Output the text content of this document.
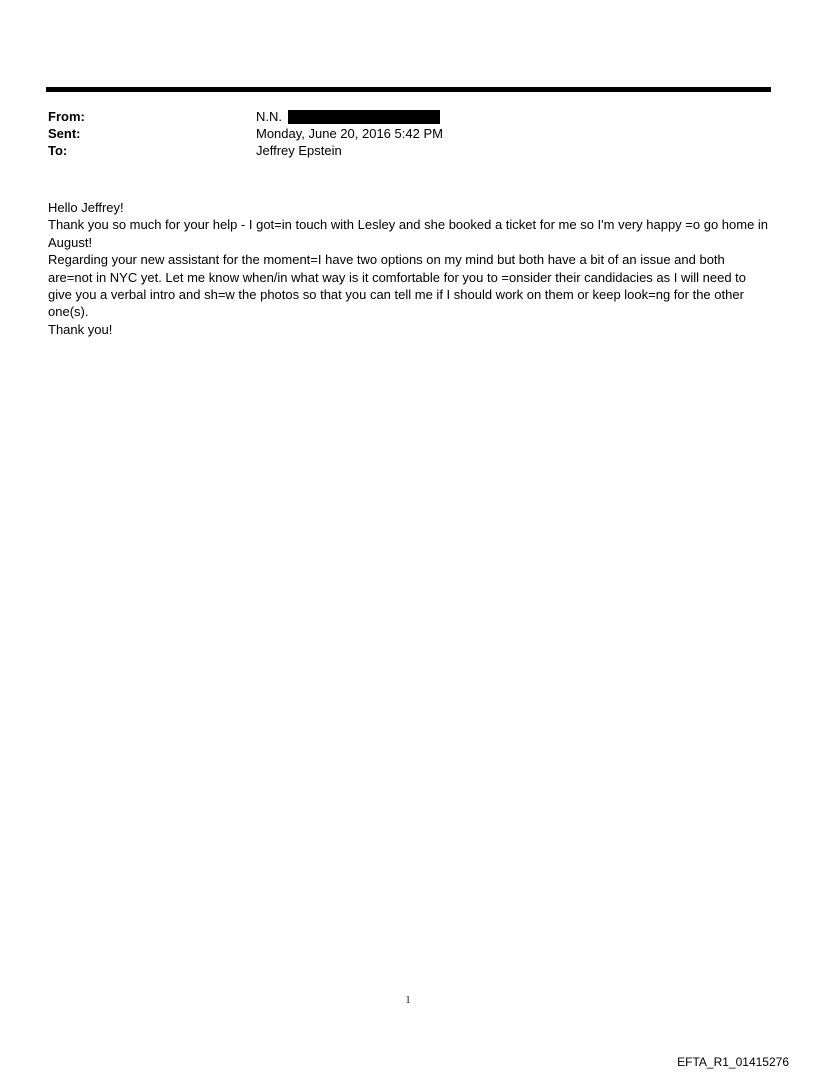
From:	N.N.
Sent:	Monday, June 20, 2016 5:42 PM
To:	Jeffrey Epstein

Hello Jeffrey!

Thank you so much for your help - I got=in touch with Lesley and she booked a ticket for me so I'm very happy =o go home in August!

Regarding your new assistant for the moment=I have two options on my mind but both have a bit of an issue and both are=not in NYC yet. Let me know when/in what way is it comfortable for you to =onsider their candidacies as I will need to give you a verbal intro and sh=w the photos so that you can tell me if I should work on them or keep look=ng for the other one(s).

Thank you!

1
EFTA_R1_01415276
